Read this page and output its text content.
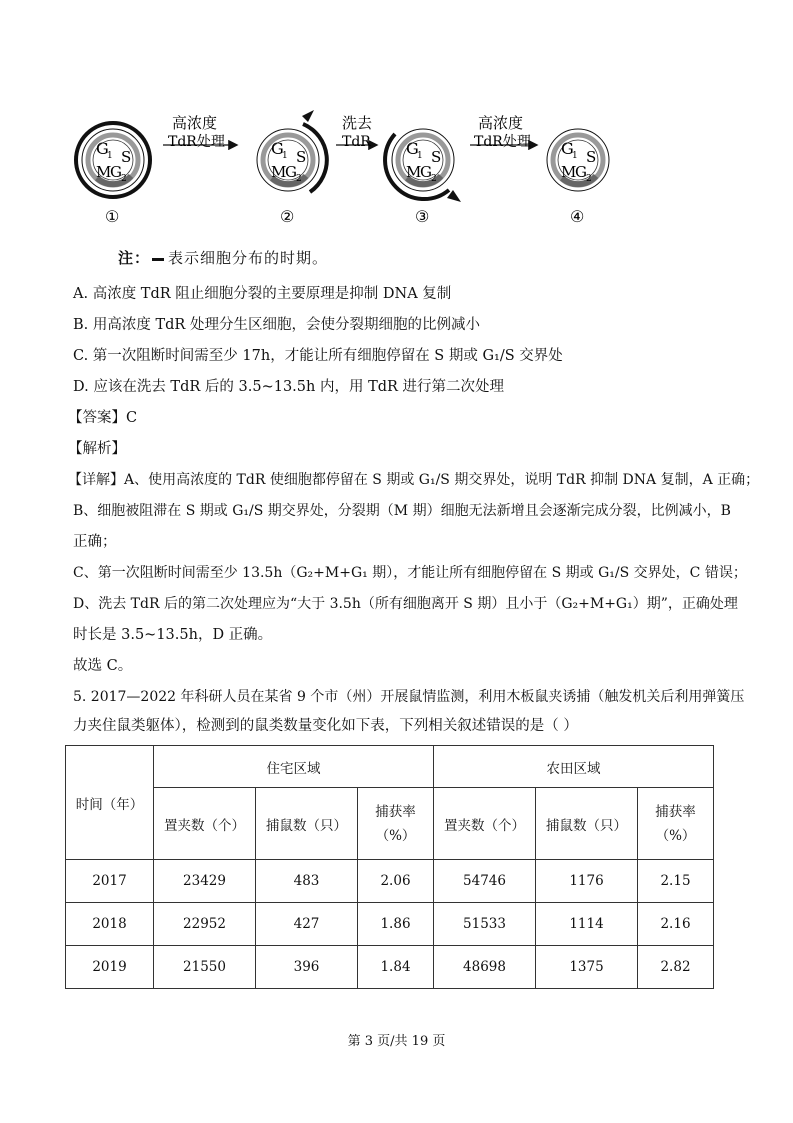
G
1 S
M
G 2
高浓度
TdR处理	G
1 S
M
G 2
洗去
TdR G
1 S
M
G 2
高浓度
TdR处理 G
1 S
M
G 2
①	②	③	④
注： 表示细胞分布的时期。
A. 高浓度 TdR 阻止细胞分裂的主要原理是抑制 DNA 复制
B. 用高浓度 TdR 处理分生区细胞，会使分裂期细胞的比例减小
C. 第一次阻断时间需至少 17h，才能让所有细胞停留在 S 期或 G₁/S 交界处
D. 应该在洗去 TdR 后的 3.5~13.5h 内，用 TdR 进行第二次处理
【答案】C
【解析】
【详解】A、使用高浓度的 TdR 使细胞都停留在 S 期或 G₁/S 期交界处，说明 TdR 抑制 DNA 复制，A 正确；
B、细胞被阻滞在 S 期或 G₁/S 期交界处，分裂期（M 期）细胞无法新增且会逐渐完成分裂，比例减小，B
正确；
C、第一次阻断时间需至少 13.5h（G₂+M+G₁ 期），才能让所有细胞停留在 S 期或 G₁/S 交界处，C 错误；
D、洗去 TdR 后的第二次处理应为“大于 3.5h（所有细胞离开 S 期）且小于（G₂+M+G₁）期”，正确处理
时长是 3.5~13.5h，D 正确。
故选 C。
5. 2017—2022 年科研人员在某省 9 个市（州）开展鼠情监测，利用木板鼠夹诱捕（触发机关后利用弹簧压
力夹住鼠类躯体），检测到的鼠类数量变化如下表，下列相关叙述错误的是（ ）
时间（年）	住宅区域			农田区域		
	置夹数（个）	捕鼠数（只）	捕获率（%）	置夹数（个）	捕鼠数（只）	捕获率（%）
2017	23429	483	2.06	54746	1176	2.15
2018	22952	427	1.86	51533	1114	2.16
2019	21550	396	1.84	48698	1375	2.82
第 3 页/共 19 页
